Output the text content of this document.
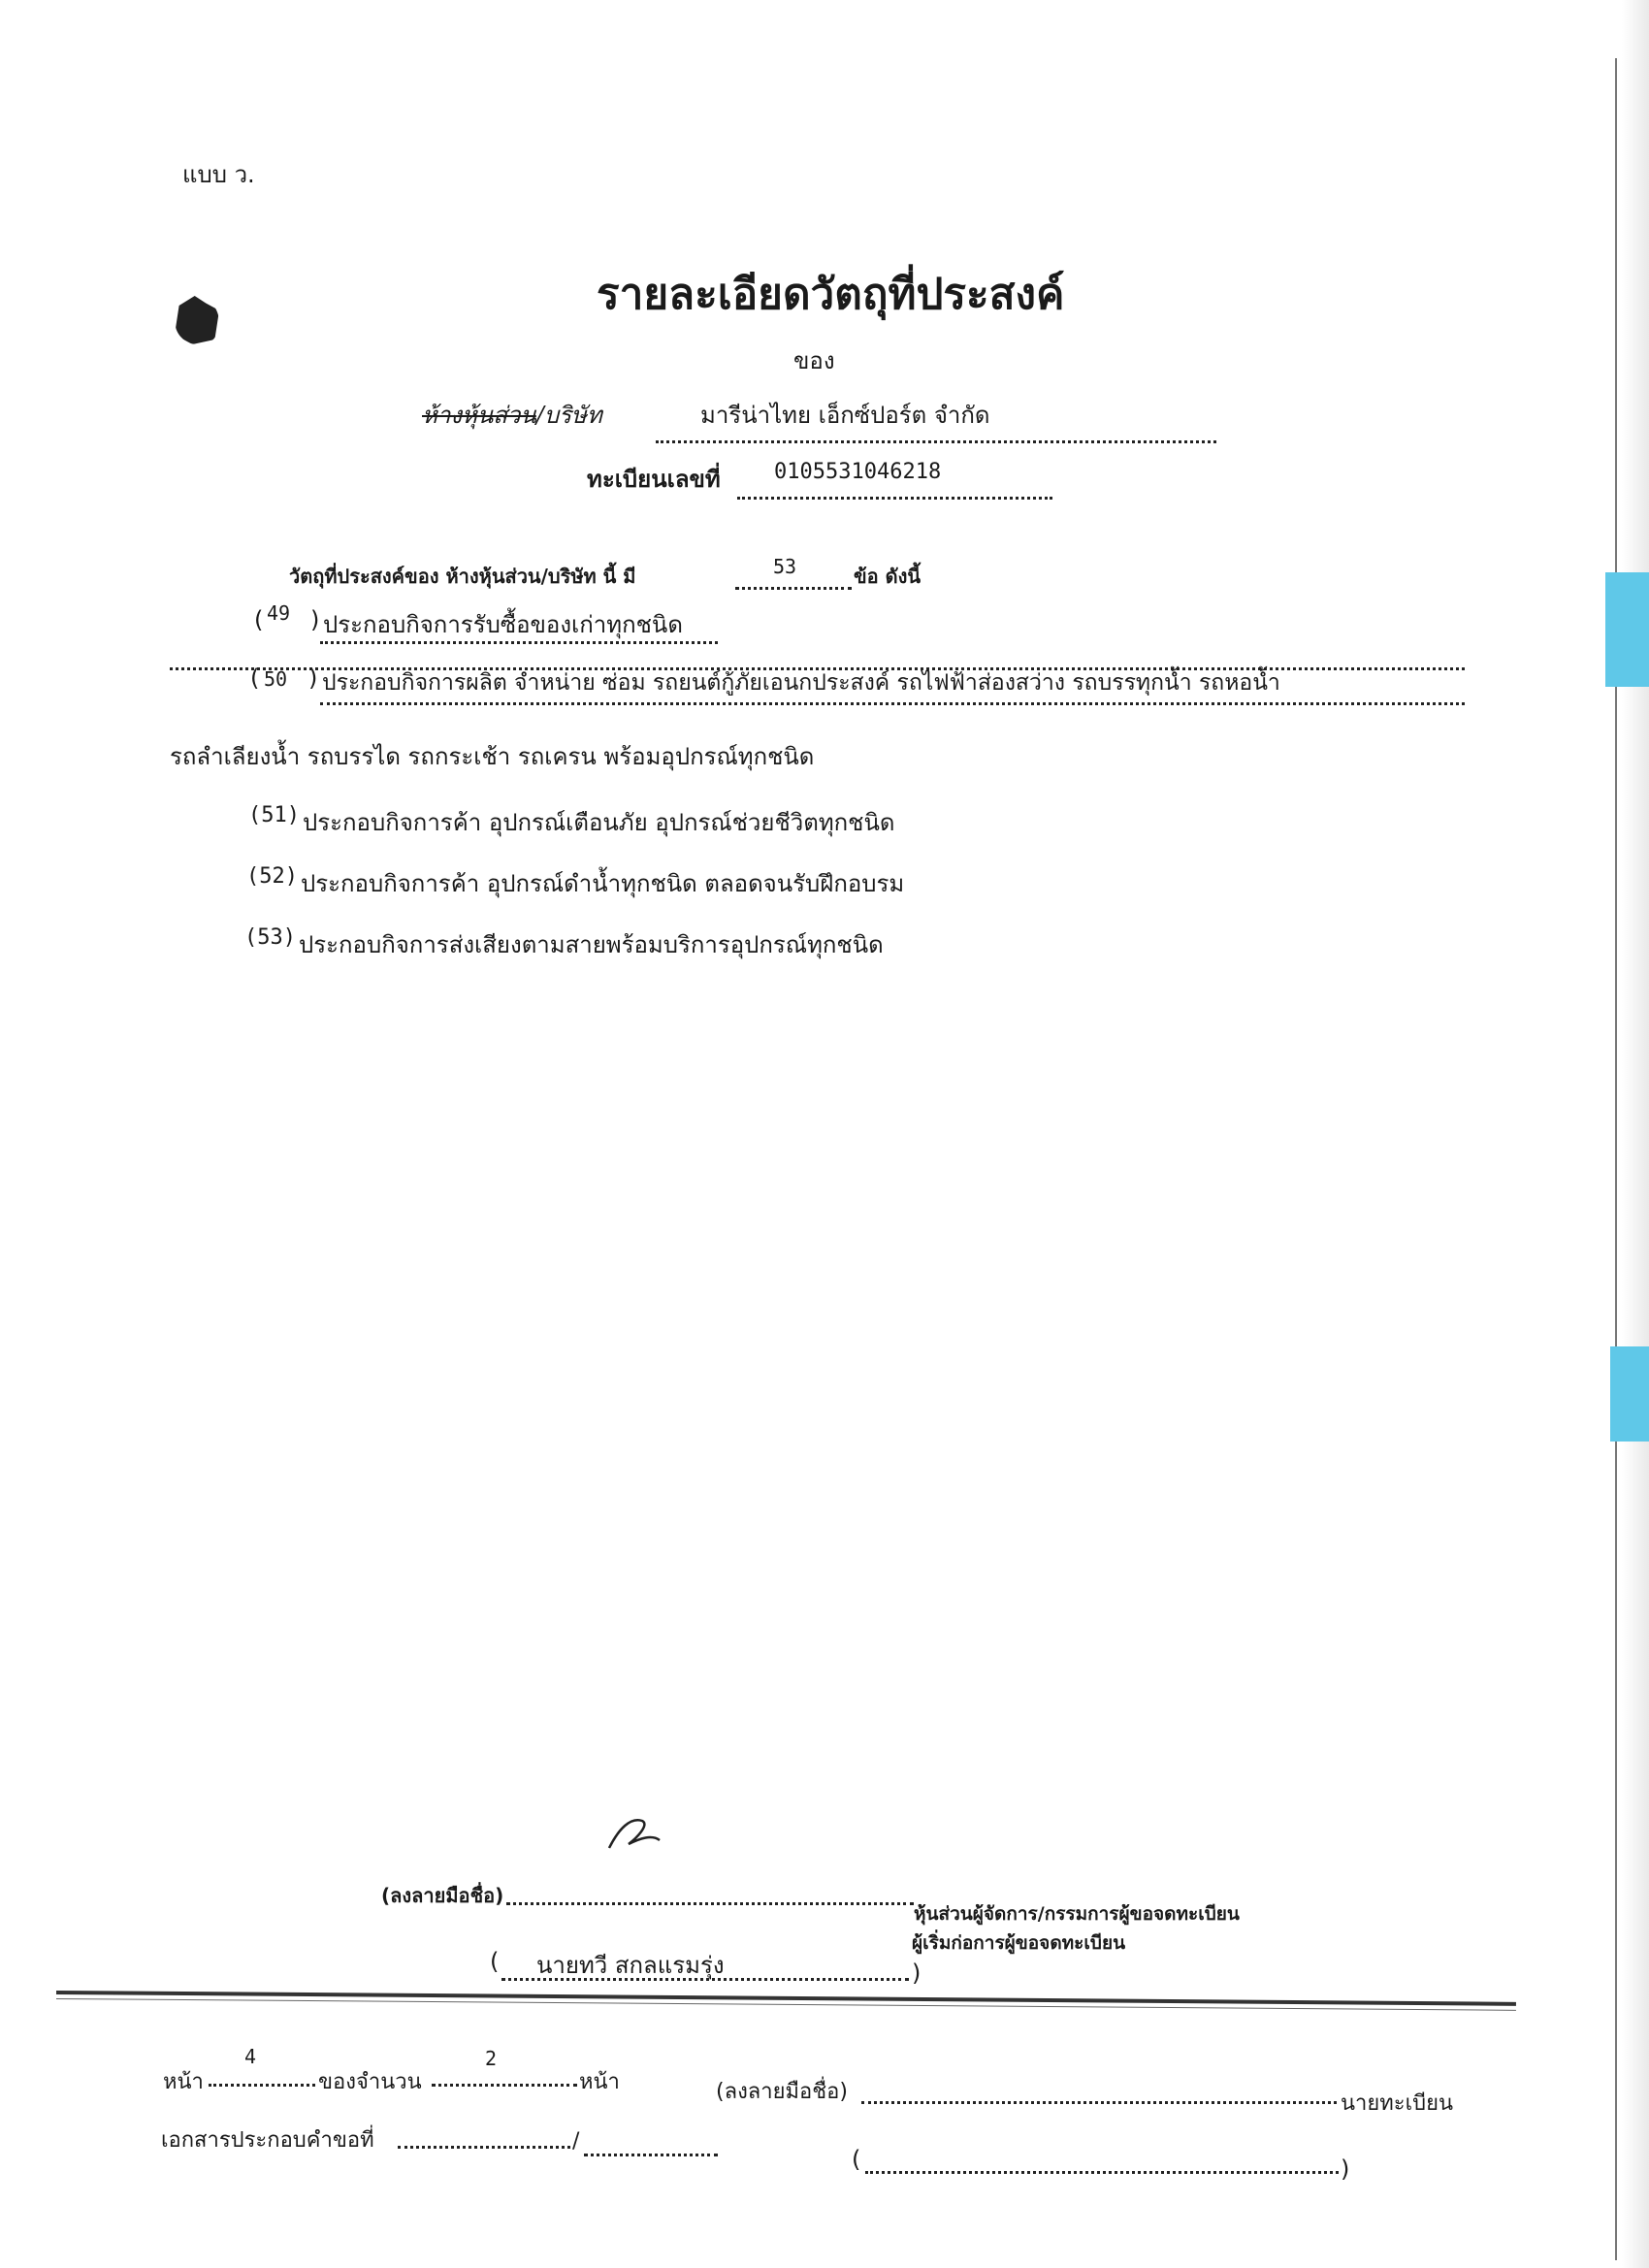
แบบ ว.
รายละเอียดวัตถุที่ประสงค์
ของ
ห้างหุ้นส่วน/บริษัท	มารีน่าไทย เอ็กซ์ปอร์ต จำกัด
ทะเบียนเลขที่	0105531046218
วัตถุที่ประสงค์ของ ห้างหุ้นส่วน/บริษัท นี้ มี	53	ข้อ ดังนี้
( 49 ) ประกอบกิจการรับซื้อของเก่าทุกชนิด
( 50 ) ประกอบกิจการผลิต จำหน่าย ซ่อม รถยนต์กู้ภัยเอนกประสงค์ รถไฟฟ้าส่องสว่าง รถบรรทุกน้ำ รถหอน้ำ
รถลำเลียงน้ำ รถบรรได รถกระเช้า รถเครน พร้อมอุปกรณ์ทุกชนิด
(51) ประกอบกิจการค้า อุปกรณ์เตือนภัย อุปกรณ์ช่วยชีวิตทุกชนิด
(52) ประกอบกิจการค้า อุปกรณ์ดำน้ำทุกชนิด ตลอดจนรับฝึกอบรม
(53) ประกอบกิจการส่งเสียงตามสายพร้อมบริการอุปกรณ์ทุกชนิด
(ลงลายมือชื่อ)
หุ้นส่วนผู้จัดการ/กรรมการผู้ขอจดทะเบียน
ผู้เริ่มก่อการผู้ขอจดทะเบียน
( นายทวี สกลแรมรุ่ง	)
หน้า
4
ของจำนวน
2
หน้า	(ลงลายมือชื่อ)	นายทะเบียน
เอกสารประกอบคำขอที่	/
(	)
